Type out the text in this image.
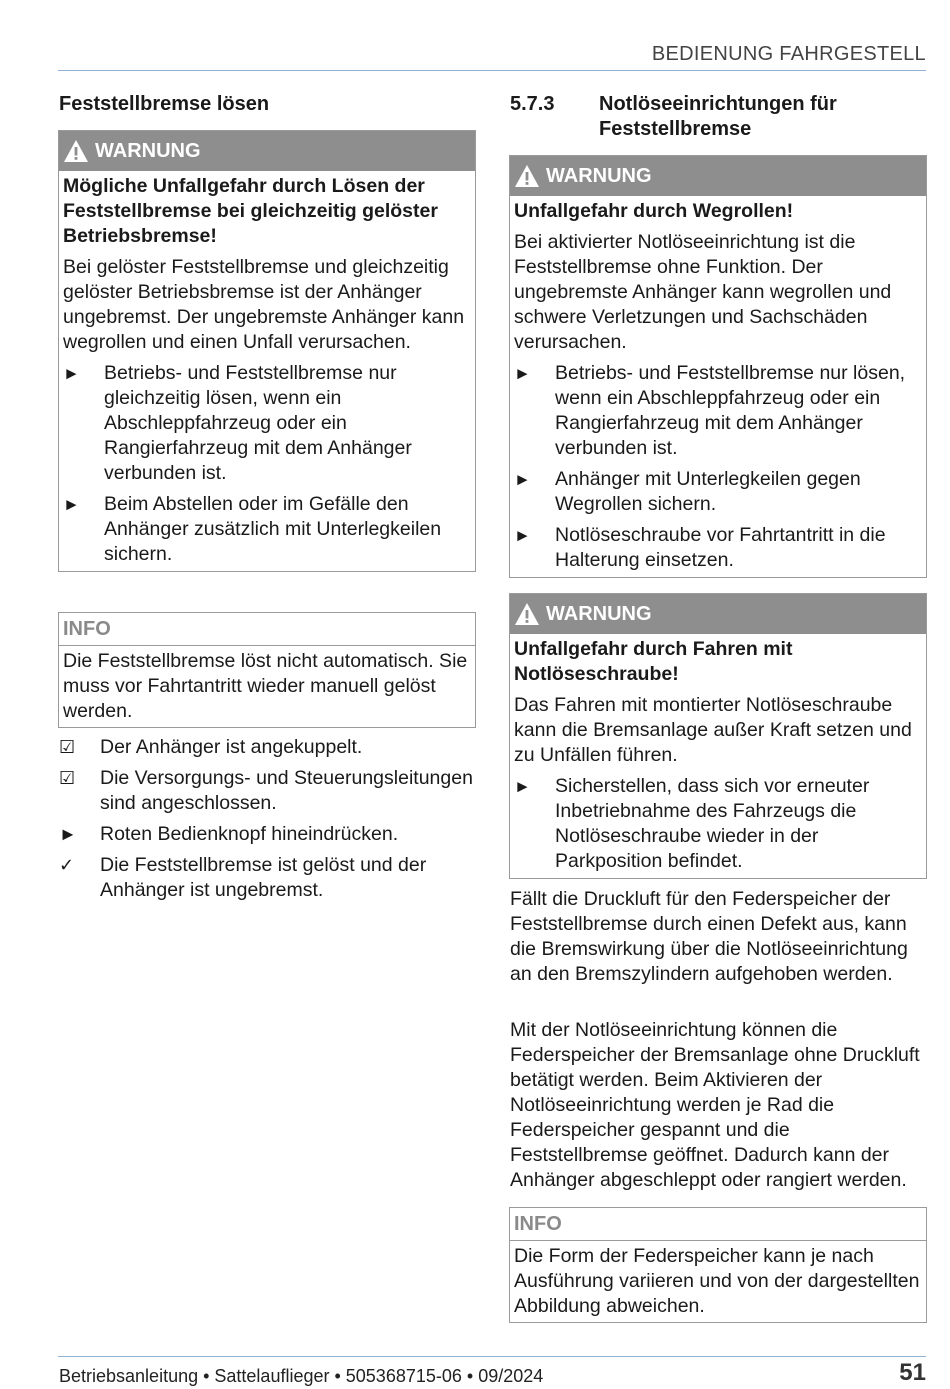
BEDIENUNG FAHRGESTELL
Feststellbremse lösen
WARNUNG

Mögliche Unfallgefahr durch Lösen der Feststellbremse bei gleichzeitig gelöster Betriebsbremse!

Bei gelöster Feststellbremse und gleichzeitig gelöster Betriebsbremse ist der Anhänger ungebremst. Der ungebremste Anhänger kann wegrollen und einen Unfall verursachen.

►	Betriebs- und Feststellbremse nur gleichzeitig lösen, wenn ein Abschleppfahrzeug oder ein Rangierfahrzeug mit dem Anhänger verbunden ist.
►	Beim Abstellen oder im Gefälle den Anhänger zusätzlich mit Unterlegkeilen sichern.
INFO
Die Feststellbremse löst nicht automatisch. Sie muss vor Fahrtantritt wieder manuell gelöst werden.
☑	Der Anhänger ist angekuppelt.
☑	Die Versorgungs- und Steuerungsleitungen sind angeschlossen.
►	Roten Bedienknopf hineindrücken.
✓	Die Feststellbremse ist gelöst und der Anhänger ist ungebremst.
5.7.3 Notlöseeinrichtungen für Feststellbremse
WARNUNG

Unfallgefahr durch Wegrollen!

Bei aktivierter Notlöseeinrichtung ist die Feststellbremse ohne Funktion. Der ungebremste Anhänger kann wegrollen und schwere Verletzungen und Sachschäden verursachen.

►	Betriebs- und Feststellbremse nur lösen, wenn ein Abschleppfahrzeug oder ein Rangierfahrzeug mit dem Anhänger verbunden ist.
►	Anhänger mit Unterlegkeilen gegen Wegrollen sichern.
►	Notlöseschraube vor Fahrtantritt in die Halterung einsetzen.
WARNUNG

Unfallgefahr durch Fahren mit Notlöseschraube!

Das Fahren mit montierter Notlöseschraube kann die Bremsanlage außer Kraft setzen und zu Unfällen führen.

►	Sicherstellen, dass sich vor erneuter Inbetriebnahme des Fahrzeugs die Notlöseschraube wieder in der Parkposition befindet.

Fällt die Druckluft für den Federspeicher der Feststellbremse durch einen Defekt aus, kann die Bremswirkung über die Notlöseeinrichtung an den Bremszylindern aufgehoben werden.

Mit der Notlöseeinrichtung können die Federspeicher der Bremsanlage ohne Druckluft betätigt werden. Beim Aktivieren der Notlöseeinrichtung werden je Rad die Federspeicher gespannt und die Feststellbremse geöffnet. Dadurch kann der Anhänger abgeschleppt oder rangiert werden.

INFO
Die Form der Federspeicher kann je nach Ausführung variieren und von der dargestellten Abbildung abweichen.
Betriebsanleitung • Sattelauflieger • 505368715-06 • 09/2024	51
